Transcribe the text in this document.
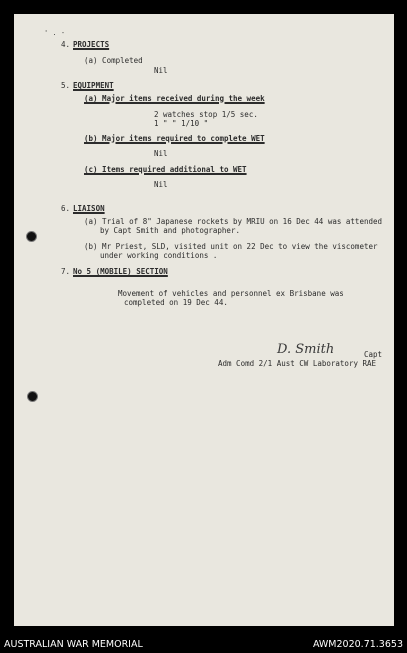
' . -
4. PROJECTS
(a) Completed
Nil
5. EQUIPMENT
(a) Major items received during the week
2 watches stop 1/5 sec.
1 " " 1/10 "
(b) Major items required to complete WET
Nil
(c) Items required additional to WET
Nil
6. LIAISON
(a) Trial of 8" Japanese rockets by MRIU on 16 Dec 44 was attended
by Capt Smith and photographer.
(b) Mr Priest, SLD, visited unit on 22 Dec to view the viscometer
under working conditions .
7. No 5 (MOBILE) SECTION
Movement of vehicles and personnel ex Brisbane was
completed on 19 Dec 44.
D. Smith	Capt
Adm Comd 2/1 Aust CW Laboratory RAE
AUSTRALIAN WAR MEMORIAL	AWM2020.71.3653
